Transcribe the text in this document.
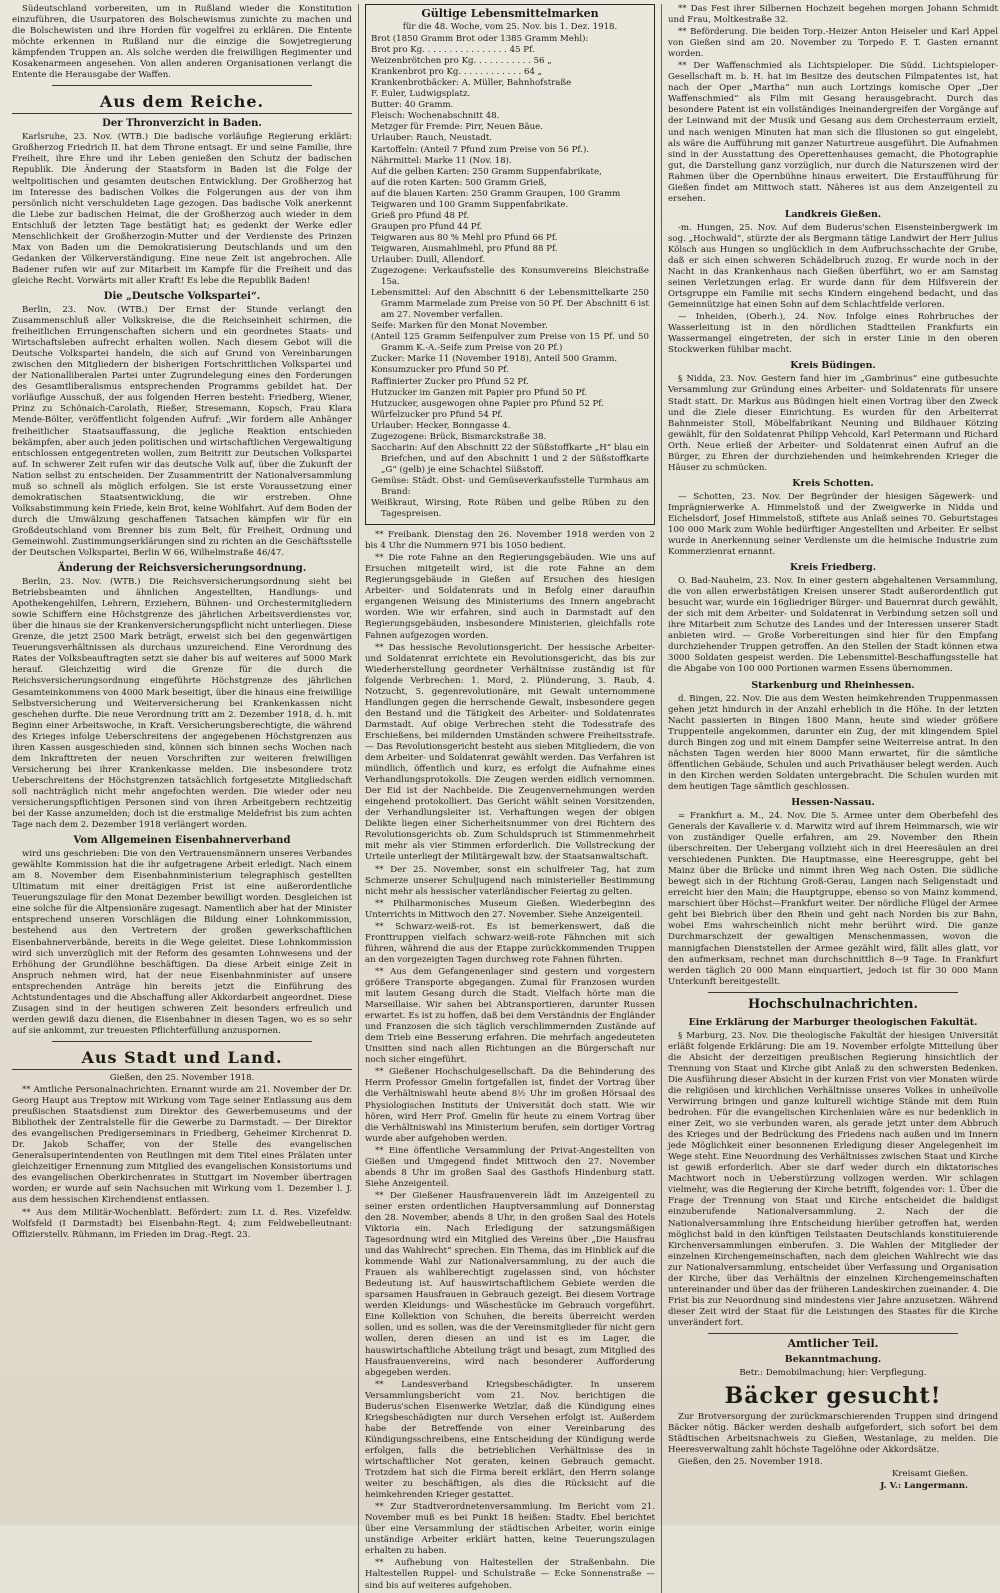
Südeutschland vorbereiten, um in Rußland wieder die Konstitution einzuführen, die Usurpatoren des Bolschewismus zunichte zu machen und die Bolschewisten und ihre Horden für vogelfrei zu erklären. Die Entente möchte erkennen in Rußland nur die einzige die Sowjetregierung kämpfenden Truppen an. Als solche werden die freiwilligen Regimenter und Kosakenarmeen angesehen. Von allen anderen Organisationen verlangt die Entente die Herausgabe der Waffen.

Aus dem Reiche.
Der Thronverzicht in Baden.

Karlsruhe, 23. Nov. (WTB.) Die badische vorläufige Regierung erklärt: Großherzog Friedrich II. hat dem Throne entsagt. Er und seine Familie, ihre Freiheit, ihre Ehre und ihr Leben genießen den Schutz der badischen Republik. Die Änderung der Staatsform in Baden ist die Folge der weltpolitischen und gesamten deutschen Entwicklung. Der Großherzog hat im Interesse des badischen Volkes die Folgerungen aus der von ihm persönlich nicht verschuldeten Lage gezogen. Das badische Volk anerkennt die Liebe zur badischen Heimat, die der Großherzog auch wieder in dem Entschluß der letzten Tage bestätigt hat; es gedenkt der Werke edler Menschlichkeit der Großherzogin-Mutter und der Verdienste des Prinzen Max von Baden um die Demokratisierung Deutschlands und um den Gedanken der Völkerverständigung. Eine neue Zeit ist angebrochen. Alle Badener rufen wir auf zur Mitarbeit im Kampfe für die Freiheit und das gleiche Recht. Vorwärts mit aller Kraft! Es lebe die Republik Baden!

Die „Deutsche Volkspartei“.

Berlin, 23. Nov. (WTB.) Der Ernst der Stunde verlangt den Zusammenschluß aller Volkskreise, die die Reichseinheit schirmen, die freiheitlichen Errungenschaften sichern und ein geordnetes Staats- und Wirtschaftsleben aufrecht erhalten wollen. Nach diesem Gebot will die Deutsche Volkspartei handeln, die sich auf Grund von Vereinbarungen zwischen den Mitgliedern der bisherigen Fortschrittlichen Volkspartei und der Nationalliberalen Partei unter Zugrundelegung eines den Forderungen des Gesamtliberalismus entsprechenden Programms gebildet hat. Der vorläufige Ausschuß, der aus folgenden Herren besteht: Friedberg, Wiener, Prinz zu Schönaich-Carolath, Rießer, Stresemann, Kopsch, Frau Klara Mende-Bölter, veröffentlicht folgenden Aufruf: „Wir fordern alle Anhänger freiheitlicher Staatsauffassung, die jegliche Reaktion entschieden bekämpfen, aber auch jeden politischen und wirtschaftlichen Vergewaltigung entschlossen entgegentreten wollen, zum Beitritt zur Deutschen Volkspartei auf. In schwerer Zeit rufen wir das deutsche Volk auf, über die Zukunft der Nation selbst zu entscheiden. Der Zusammentritt der Nationalversammlung muß so schnell als möglich erfolgen. Sie ist erste Voraussetzung einer demokratischen Staatsentwicklung, die wir erstreben. Ohne Volksabstimmung kein Friede, kein Brot, keine Wohlfahrt. Auf dem Boden der durch die Umwälzung geschaffenen Tatsachen kämpfen wir für ein Großdeutschland vom Brenner bis zum Belt, für Freiheit, Ordnung und Gemeinwohl. Zustimmungserklärungen sind zu richten an die Geschäftsstelle der Deutschen Volkspartei, Berlin W 66, Wilhelmstraße 46/47.

Änderung der Reichsversicherungsordnung.

Berlin, 23. Nov. (WTB.) Die Reichsversicherungsordnung sieht bei Betriebsbeamten und ähnlichen Angestellten, Handlungs- und Apothekengehilfen, Lehrern, Erziehern, Bühnen- und Orchestermitgliedern sowie Schiffern eine Höchstgrenze des jährlichen Arbeitsverdienstes vor, über die hinaus sie der Krankenversicherungspflicht nicht unterliegen. Diese Grenze, die jetzt 2500 Mark beträgt, erweist sich bei den gegenwärtigen Teuerungsverhältnissen als durchaus unzureichend. Eine Verordnung des Rates der Volksbeauftragten setzt sie daher bis auf weiteres auf 5000 Mark herauf. Gleichzeitig wird die Grenze für die durch die Reichsversicherungsordnung eingeführte Höchstgrenze des jährlichen Gesamteinkommens von 4000 Mark beseitigt, über die hinaus eine freiwillige Selbstversicherung und Weiterversicherung bei Krankenkassen nicht geschehen durfte. Die neue Verordnung tritt am 2. Dezember 1918, d. h. mit Beginn einer Arbeitswoche, in Kraft. Versicherungsberechtigte, die während des Krieges infolge Ueberschreitens der angegebenen Höchstgrenzen aus ihren Kassen ausgeschieden sind, können sich binnen sechs Wochen nach dem Inkrafttreten der neuen Vorschriften zur weiteren freiwilligen Versicherung bei ihrer Krankenkasse melden. Die insbesondere trotz Ueberschreitens der Höchstgrenzen tatsächlich fortgesetzte Mitgliedschaft soll nachträglich nicht mehr angefochten werden. Die wieder oder neu versicherungspflichtigen Personen sind von ihren Arbeitgebern rechtzeitig bei der Kasse anzumelden; doch ist die erstmalige Meldefrist bis zum achten Tage nach dem 2. Dezember 1918 verlängert worden.

Vom Allgemeinen Eisenbahnerverband

wird uns geschrieben: Die von den Vertrauensmännern unseres Verbandes gewählte Kommission hat die ihr aufgetragene Arbeit erledigt. Nach einem am 8. November dem Eisenbahnministerium telegraphisch gestellten Ultimatum mit einer dreitägigen Frist ist eine außerordentliche Teuerungszulage für den Monat Dezember bewilligt worden. Desgleichen ist eine solche für die Altpensionäre zugesagt. Namentlich aber hat der Minister entsprechend unseren Vorschlägen die Bildung einer Lohnkommission, bestehend aus den Vertretern der großen gewerkschaftlichen Eisenbahnerverbände, bereits in die Wege geleitet. Diese Lohnkommission wird sich unverzüglich mit der Reform des gesamten Lohnwesens und der Erhöhung der Grundlöhne beschäftigen. Da diese Arbeit einige Zeit in Anspruch nehmen wird, hat der neue Eisenbahnminister auf unsere entsprechenden Anträge hin bereits jetzt die Einführung des Achtstundentages und die Abschaffung aller Akkordarbeit angeordnet. Diese Zusagen sind in der heutigen schweren Zeit besonders erfreulich und werden gewiß dazu dienen, die Eisenbahner in diesen Tagen, wo es so sehr auf sie ankommt, zur treuesten Pflichterfüllung anzuspornen.

Aus Stadt und Land.

Gießen, den 25. November 1918.

** Amtliche Personalnachrichten. Ernannt wurde am 21. November der Dr. Georg Haupt aus Treptow mit Wirkung vom Tage seiner Entlassung aus dem preußischen Staatsdienst zum Direktor des Gewerbemuseums und der Bibliothek der Zentralstelle für die Gewerbe zu Darmstadt. — Der Direktor des evangelischen Predigerseminars in Friedberg, Geheimer Kirchenrat D. Dr. Jakob Schaffer, von der Stelle des evangelischen Generalsuperintendenten von Reutlingen mit dem Titel eines Prälaten unter gleichzeitiger Ernennung zum Mitglied des evangelischen Konsistoriums und des evangelischen Oberkirchenrates in Stuttgart im November übertragen worden; er wurde auf sein Nachsuchen mit Wirkung vom 1. Dezember l. J. aus dem hessischen Kirchendienst entlassen.

** Aus dem Militär-Wochenblatt. Befördert: zum Lt. d. Res. Vizefeldw. Wolfsfeld (I Darmstadt) bei Eisenbahn-Regt. 4; zum Feldwebelleutnant: Offizierstellv. Rühmann, im Frieden im Drag.-Regt. 23.

Gültige Lebensmittelmarken

für die 48. Woche, vom 25. Nov. bis 1. Dez. 1918.

Brot (1850 Gramm Brot oder 1385 Gramm Mehl):

Brot pro Kg. . . . . . . . . . . . . . . . 45 Pf.

Weizenbrötchen pro Kg. . . . . . . . . . . 56 „

Krankenbrot pro Kg. . . . . . . . . . . . 64 „

Krankenbrotbäcker: A. Müller, Bahnhofstraße

F. Euler, Ludwigsplatz.

Butter: 40 Gramm.

Fleisch: Wochenabschnitt 48.

Metzger für Fremde: Pirr, Neuen Bäue.

Urlauber: Rauch, Neustadt.

Kartoffeln: (Anteil 7 Pfund zum Preise von 56 Pf.).

Nährmittel: Marke 11 (Nov. 18).

Auf die gelben Karten: 250 Gramm Suppenfabrikate,

auf die roten Karten: 500 Gramm Grieß,

auf die blauen Karten: 250 Gramm Graupen, 100 Gramm

Teigwaren und 100 Gramm Suppenfabrikate.

Grieß pro Pfund 48 Pf.

Graupen pro Pfund 44 Pf.

Teigwaren aus 80 % Mehl pro Pfund 66 Pf.

Teigwaren, Ausmahlmehl, pro Pfund 88 Pf.

Urlauber: Duill, Allendorf.

Zugezogene: Verkaufsstelle des Konsumvereins Bleichstraße 15a.

Lebensmittel: Auf den Abschnitt 6 der Lebensmittelkarte 250 Gramm Marmelade zum Preise von 50 Pf. Der Abschnitt 6 ist am 27. November verfallen.

Seife: Marken für den Monat November.

(Anteil 125 Gramm Seifenpulver zum Preise von 15 Pf. und 50 Gramm K.-A.-Seife zum Preise von 20 Pf.)

Zucker: Marke 11 (November 1918), Anteil 500 Gramm.

Konsumzucker pro Pfund 50 Pf.

Raffinierter Zucker pro Pfund 52 Pf.

Hutzucker im Ganzen mit Papier pro Pfund 50 Pf.

Hutzucker, ausgewogen ohne Papier pro Pfund 52 Pf.

Würfelzucker pro Pfund 54 Pf.

Urlauber: Hecker, Bonngasse 4.

Zugezogene: Brück, Bismarckstraße 38.

Saccharin: Auf den Abschnitt 22 der Süßstoffkarte „H“ blau ein Briefchen, und auf den Abschnitt 1 und 2 der Süßstoffkarte „G“ (gelb) je eine Schachtel Süßstoff.

Gemüse: Städt. Obst- und Gemüseverkaufsstelle Turmhaus am Brand:

Weißkraut, Wirsing, Rote Rüben und gelbe Rüben zu den Tagespreisen.

** Freibank. Dienstag den 26. November 1918 werden von 2 bis 4 Uhr die Nummern 971 bis 1050 bedient.

** Die rote Fahne an den Regierungsgebäuden. Wie uns auf Ersuchen mitgeteilt wird, ist die rote Fahne an dem Regierungsgebäude in Gießen auf Ersuchen des hiesigen Arbeiter- und Soldatenrats und in Befolg einer daraufhin ergangenen Weisung des Ministeriums des Innern angebracht worden. Wie wir erfahren, sind auch in Darmstadt auf den Regierungsgebäuden, insbesondere Ministerien, gleichfalls rote Fahnen aufgezogen worden.

** Das hessische Revolutionsgericht. Der hessische Arbeiter- und Soldatenrat errichtete ein Revolutionsgericht, das bis zur Wiederherstellung geordneter Verhältnisse zuständig ist für folgende Verbrechen: 1. Mord, 2. Plünderung, 3. Raub, 4. Notzucht, 5. gegenrevolutionäre, mit Gewalt unternommene Handlungen gegen die herrschende Gewalt, insbesondere gegen den Bestand und die Tätigkeit des Arbeiter- und Soldatenrates Darmstadt. Auf obige Verbrechen steht die Todesstrafe des Erschießens, bei mildernden Umständen schwere Freiheitsstrafe. — Das Revolutionsgericht besteht aus sieben Mitgliedern, die von dem Arbeiter- und Soldatenrat gewählt werden. Das Verfahren ist mündlich, öffentlich und kurz, es erfolgt die Aufnahme eines Verhandlungsprotokolls. Die Zeugen werden eidlich vernommen. Der Eid ist der Nachbeide. Die Zeugenvernehmungen werden eingehend protokolliert. Das Gericht wählt seinen Vorsitzenden, der Verhandlungsleiter ist. Verhaftungen wegen der obigen Delikte liegen einer Sicherheitsnummer von drei Richtern des Revolutionsgerichts ob. Zum Schuldspruch ist Stimmenmehrheit mit mehr als vier Stimmen erforderlich. Die Vollstreckung der Urteile unterliegt der Militärgewalt bzw. der Staatsanwaltschaft.

** Der 25. November, sonst ein schulfreier Tag, hat zum Schmerze unserer Schuljugend nach ministerieller Bestimmung nicht mehr als hessischer vaterländischer Feiertag zu gelten.

** Philharmonisches Museum Gießen. Wiederbeginn des Unterrichts in Mittwoch den 27. November. Siehe Anzeigenteil.

** Schwarz-weiß-rot. Es ist bemerkenswert, daß die Fronttruppen vielfach schwarz-weiß-rote Fähnchen mit sich führen, während die aus der Etappe zurückkommenden Truppen an den vorgezeigten Tagen durchweg rote Fahnen führten.

** Aus dem Gefangenenlager sind gestern und vorgestern größere Transporte abgegangen. Zumal für Franzosen wurden mit lautem Gesang durch die Stadt. Vielfach hörte man die Marseillaise. Wir sahen bei Abtransportieren, darunter Russen erwartet. Es ist zu hoffen, daß bei dem Verständnis der Engländer und Franzosen die sich täglich verschlimmernden Zustände auf dem Trieb eine Besserung erfahren. Die mehrfach angedeuteten Unsitten sind nach allen Richtungen an die Bürgerschaft nur noch sicher eingeführt.

** Gießener Hochschulgesellschaft. Da die Behinderung des Herrn Professor Gmelin fortgefallen ist, findet der Vortrag über die Verhältniswahl heute abend 8½ Uhr im großen Hörsaal des Physiologischen Instituts der Universität doch statt. Wie wir hören, wird Herr Prof. Gmelin für heute zu einem Vortrag über die Verhältniswahl ins Ministerium berufen, sein dortiger Vortrag wurde aber aufgehoben werden.

** Eine öffentliche Versammlung der Privat-Angestellten von Gießen und Umgegend findet Mittwoch den 27. November abends 8 Uhr im großen Saal des Gasthofs Hindenburg statt. Siehe Anzeigenteil.

** Der Gießener Hausfrauenverein lädt im Anzeigenteil zu seiner ersten ordentlichen Hauptversammlung auf Donnerstag den 28. November, abends 8 Uhr, in den großen Saal des Hotels Viktoria ein. Nach Erledigung der satzungsmäßigen Tagesordnung wird ein Mitglied des Vereins über „Die Hausfrau und das Wahlrecht“ sprechen. Ein Thema, das im Hinblick auf die kommende Wahl zur Nationalversammlung, zu der auch die Frauen als wahlberechtigt zugelassen sind, von höchster Bedeutung ist. Auf hauswirtschaftlichem Gebiete werden die sparsamen Hausfrauen in Gebrauch gezeigt. Bei diesem Vortrage werden Kleidungs- und Wäschestücke im Gebrauch vorgeführt. Eine Kollektion von Schuhen, die bereits überreicht werden sollen, und es sollen, was die der Vereinsmitglieder für nicht gern wollen, deren diesen an und ist es im Lager, die hauswirtschaftliche Abteilung trägt und besagt, zum Mitglied des Hausfrauenvereins, wird nach besonderer Aufforderung abgegeben werden.

** Landesverband Kriegsbeschädigter. In unserem Versammlungsbericht vom 21. Nov. berichtigen die Buderus'schen Eisenwerke Wetzlar, daß die Kündigung eines Kriegsbeschädigten nur durch Versehen erfolgt ist. Außerdem habe der Betreffende von einer Vereinbarung des Kündigungsschreibens, eine Entscheidung der Kündigung werde erfolgen, falls die betrieblichen Verhältnisse des in wirtschaftlicher Not geraten, keinen Gebrauch gemacht. Trotzdem hat sich die Firma bereit erklärt, den Herrn solange weiter zu beschäftigen, als dies die Rücksicht auf die heimkehrenden Krieger gestattet.

** Zur Stadtverordnetenversammlung. Im Bericht vom 21. November muß es bei Punkt 18 heißen: Stadtv. Ebel berichtet über eine Versammlung der städtischen Arbeiter, worin einige unständige Arbeiter erklärt hatten, keine Teuerungszulagen erhalten zu haben.

** Aufhebung von Haltestellen der Straßenbahn. Die Haltestellen Ruppel- und Schulstraße — Ecke Sonnenstraße — sind bis auf weiteres aufgehoben.

** Das Fest ihrer Silbernen Hochzeit begehen morgen Johann Schmidt und Frau, Moltkestraße 32.

** Beförderung. Die beiden Torp.-Heizer Anton Heiseler und Karl Appel von Gießen sind am 20. November zu Torpedo F. T. Gasten ernannt worden.

** Der Waffenschmied als Lichtspieloper. Die Südd. Lichtspieloper-Gesellschaft m. b. H. hat im Besitze des deutschen Filmpatentes ist, hat nach der Oper „Martha“ nun auch Lortzings komische Oper „Der Waffenschmied“ als Film mit Gesang herausgebracht. Durch das besondere Patent ist ein vollständiges Ineinandergreifen der Vorgänge auf der Leinwand mit der Musik und Gesang aus dem Orchesterraum erzielt, und nach wenigen Minuten hat man sich die Illusionen so gut eingelebt, als wäre die Aufführung mit ganzer Naturtreue ausgeführt. Die Aufnahmen sind in der Ausstattung des Operettenhauses gemacht, die Photographie gut, die Darstellung ganz vorzüglich, nur durch die Naturszenen wird der Rahmen über die Opernbühne hinaus erweitert. Die Erstaufführung für Gießen findet am Mittwoch statt. Näheres ist aus dem Anzeigenteil zu ersehen.

Landkreis Gießen.

-m. Hungen, 25. Nov. Auf dem Buderus'schen Eisensteinbergwerk im sog. „Hochwald“, stürzte der als Bergmann tätige Landwirt der Herr Julius Kölsch aus Hungen so unglücklich in dem Aufbruchsschachte der Grube, daß er sich einen schweren Schädelbruch zuzog. Er wurde noch in der Nacht in das Krankenhaus nach Gießen überführt, wo er am Samstag seinen Verletzungen erlag. Er wurde dann für dem Hilfsverein der Ortsgruppe ein Familie mit sechs Kindern eingehend bedacht, und das Gemeinnützige hat einen Sohn auf dem Schlachtfelde verloren.

— Inheiden, (Oberh.), 24. Nov. Infolge eines Rohrbruches der Wasserleitung ist in den nördlichen Stadtteilen Frankfurts ein Wassermangel eingetreten, der sich in erster Linie in den oberen Stockwerken fühlbar macht.

Kreis Büdingen.

§ Nidda, 23. Nov. Gestern fand hier im „Gambrinus“ eine gutbesuchte Versammlung zur Gründung eines Arbeiter- und Soldatenrats für unsere Stadt statt. Dr. Markus aus Büdingen hielt einen Vortrag über den Zweck und die Ziele dieser Einrichtung. Es wurden für den Arbeiterrat Bahnmeister Stoll, Möbelfabrikant Neuning und Bildhauer Kötzing gewählt, für den Soldatenrat Philipp Vehcold, Karl Petermann und Richard Orth. Neue erließ der Arbeiter- und Soldatenrat einen Aufruf an die Bürger, zu Ehren der durchziehenden und heimkehrenden Krieger die Häuser zu schmücken.

Kreis Schotten.

— Schotten, 23. Nov. Der Begründer der hiesigen Sägewerk- und Imprägnierwerke A. Himmelstoß und der Zweigwerke in Nidda und Eichelsdorf, Josef Himmelstoß, stiftete aus Anlaß seines 70. Geburtstages 100 000 Mark zum Wohle bedürftiger Angestellten und Arbeiter. Er selbst wurde in Anerkennung seiner Verdienste um die heimische Industrie zum Kommerzienrat ernannt.

Kreis Friedberg.

O. Bad-Nauheim, 23. Nov. In einer gestern abgehaltenen Versammlung, die von allen erwerbstätigen Kreisen unserer Stadt außerordentlich gut besucht war, wurde ein 16gliedriger Bürger- und Bauernrat durch gewählt, der sich mit dem Arbeiter- und Soldatenrat in Verbindung setzen soll und ihre Mitarbeit zum Schutze des Landes und der Interessen unserer Stadt anbieten wird. — Große Vorbereitungen sind hier für den Empfang durchziehender Truppen getroffen. An den Stellen der Stadt können etwa 3000 Soldaten gespeist werden. Die Lebensmittel-Beschaffungsstelle hat die Abgabe von 100 000 Portionen warmen Essens übernommen.

Starkenburg und Rheinhessen.

d. Bingen, 22. Nov. Die aus dem Westen heimkehrenden Truppenmassen gehen jetzt hindurch in der Anzahl erheblich in die Höhe. In der letzten Nacht passierten in Bingen 1800 Mann, heute sind wieder größere Truppenteile angekommen, darunter ein Zug, der mit klingendem Spiel durch Bingen zog und mit einem Dampfer seine Weiterreise antrat. In den nächsten Tagen werden hier 8000 Mann erwartet, für die sämtliche öffentlichen Gebäude, Schulen und auch Privathäuser belegt werden. Auch in den Kirchen werden Soldaten untergebracht. Die Schulen wurden mit dem heutigen Tage sämtlich geschlossen.

Hessen-Nassau.

= Frankfurt a. M., 24. Nov. Die 5. Armee unter dem Oberbefehl des Generals der Kavallerie v. d. Marwitz wird auf ihrem Heimmarsch, wie wir von zuständiger Quelle erfahren, am 29. November den Rhein überschreiten. Der Uebergang vollzieht sich in drei Heeresäulen an drei verschiedenen Punkten. Die Hauptmasse, eine Heeresgruppe, geht bei Mainz über die Brücke und nimmt ihren Weg nach Osten. Die südliche bewegt sich in der Richtung Groß-Gerau, Langen nach Seligenstadt und erreicht hier den Main; die Hauptgruppe, ebenso so von Mainz kommend, marschiert über Höchst—Frankfurt weiter. Der nördliche Flügel der Armee geht bei Biebrich über den Rhein und geht nach Norden bis zur Bahn, wobei Ems wahrscheinlich nicht mehr berührt wird. Die ganze Durchmarschzeit der gewaltigen Menschenmassen, wovon die mannigfachen Dienststellen der Armee gezählt wird, fällt alles glatt, vor den aufmerksam, rechnet man durchschnittlich 8—9 Tage. In Frankfurt werden täglich 20 000 Mann einquartiert, jedoch ist für 30 000 Mann Unterkunft bereitgestellt.

Hochschulnachrichten.
Eine Erklärung der Marburger theologischen Fakultät.

§ Marburg, 23. Nov. Die theologische Fakultät der hiesigen Universität erläßt folgende Erklärung: Die am 19. November erfolgte Mitteilung über die Absicht der derzeitigen preußischen Regierung hinsichtlich der Trennung von Staat und Kirche gibt Anlaß zu den schwersten Bedenken. Die Ausführung dieser Absicht in der kurzen Frist von vier Monaten würde die religiösen und kirchlichen Verhältnisse unseres Volkes in unheilvolle Verwirrung bringen und ganze kulturell wichtige Stände mit dem Ruin bedrohen. Für die evangelischen Kirchenlaien wäre es nur bedenklich in einer Zeit, wo sie verbunden waren, als gerade jetzt unter dem Abbruch des Krieges und der Bedrückung des Friedens nach außen und im Innern jede Möglichkeit einer besonnenen Erledigung dieser Angelegenheit im Wege steht. Eine Neuordnung des Verhältnisses zwischen Staat und Kirche ist gewiß erforderlich. Aber sie darf weder durch ein diktatorisches Machtwort noch in Ueberstürzung vollzogen werden. Wir schlagen vielmehr, was die Regierung der Kirche betrifft, folgendes vor: 1. Über die Frage der Trennung von Staat und Kirche entscheidet die baldigst einzuberufende Nationalversammlung. 2. Nach der die Nationalversammlung ihre Entscheidung hierüber getroffen hat, werden möglichst bald in den künftigen Teilstaaten Deutschlands konstituierende Kirchenversammlungen einberufen. 3. Die Wahlen der Mitglieder der einzelnen Kirchengemeinschaften, nach dem gleichen Wahlrecht wie das zur Nationalversammlung, entscheidet über Verfassung und Organisation der Kirche, über das Verhältnis der einzelnen Kirchengemeinschaften untereinander und über das der früheren Landeskirchen zueinander. 4. Die Frist bis zur Neuordnung sind mindestens vier Jahre anzusetzen. Während dieser Zeit wird der Staat für die Leistungen des Staates für die Kirche unverändert fort.

Amtlicher Teil.
Bekanntmachung.

Betr.: Demobilmachung; hier: Verpflegung.

Bäcker gesucht!

Zur Brotversorgung der zurückmarschierenden Truppen sind dringend Bäcker nötig. Bäcker werden deshalb aufgefordert, sich sofort bei dem Städtischen Arbeitsnachweis zu Gießen, Westanlage, zu melden. Die Heeresverwaltung zahlt höchste Tagelöhne oder Akkordsätze.

Gießen, den 25. November 1918.

Kreisamt Gießen.

J. V.: Langermann.
